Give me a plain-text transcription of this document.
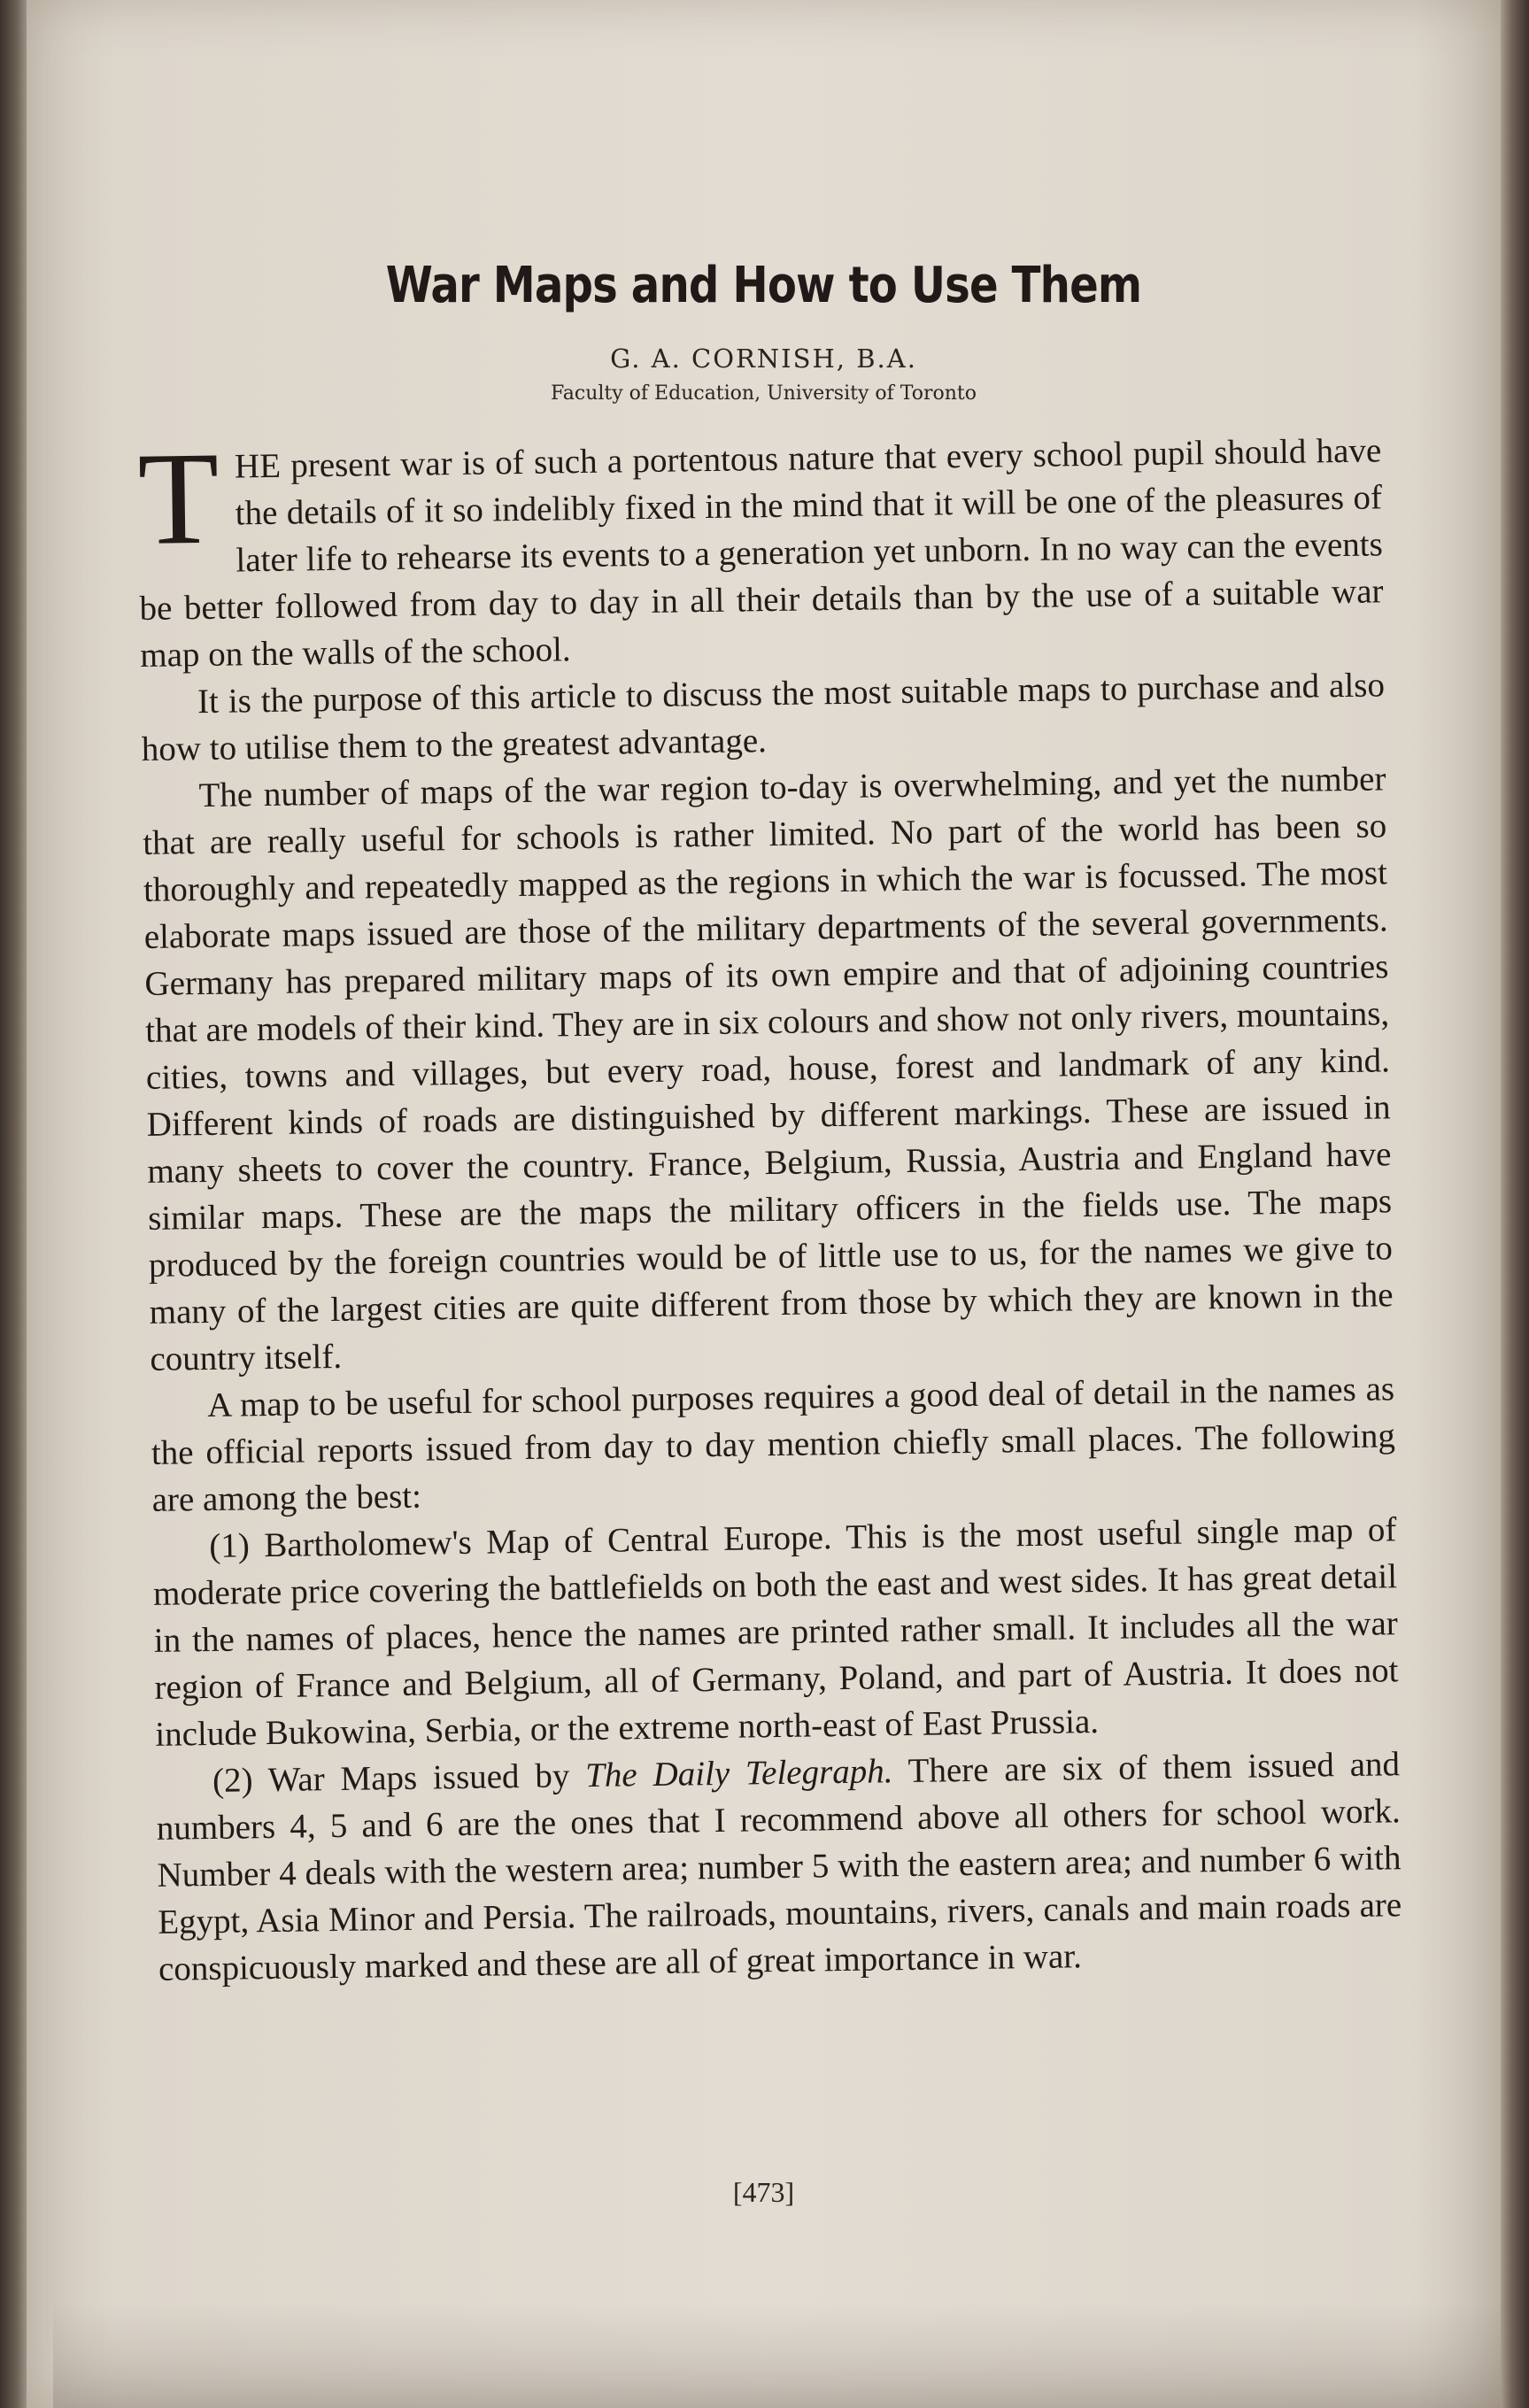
War Maps and How to Use Them
G. A. CORNISH, B.A.
Faculty of Education, University of Toronto

THE present war is of such a portentous nature that every school pupil should have the details of it so indelibly fixed in the mind that it will be one of the pleasures of later life to rehearse its events to a generation yet unborn. In no way can the events be better followed from day to day in all their details than by the use of a suitable war map on the walls of the school.

It is the purpose of this article to discuss the most suitable maps to purchase and also how to utilise them to the greatest advantage.

The number of maps of the war region to-day is overwhelming, and yet the number that are really useful for schools is rather limited. No part of the world has been so thoroughly and repeatedly mapped as the regions in which the war is focussed. The most elaborate maps issued are those of the military departments of the several governments. Germany has prepared military maps of its own empire and that of adjoining countries that are models of their kind. They are in six colours and show not only rivers, mountains, cities, towns and villages, but every road, house, forest and landmark of any kind. Different kinds of roads are distinguished by different markings. These are issued in many sheets to cover the country. France, Belgium, Russia, Austria and England have similar maps. These are the maps the military officers in the fields use. The maps produced by the foreign countries would be of little use to us, for the names we give to many of the largest cities are quite different from those by which they are known in the country itself.

A map to be useful for school purposes requires a good deal of detail in the names as the official reports issued from day to day mention chiefly small places. The following are among the best:

(1) Bartholomew's Map of Central Europe. This is the most useful single map of moderate price covering the battlefields on both the east and west sides. It has great detail in the names of places, hence the names are printed rather small. It includes all the war region of France and Belgium, all of Germany, Poland, and part of Austria. It does not include Bukowina, Serbia, or the extreme north-east of East Prussia.

(2) War Maps issued by The Daily Telegraph. There are six of them issued and numbers 4, 5 and 6 are the ones that I recommend above all others for school work. Number 4 deals with the western area; number 5 with the eastern area; and number 6 with Egypt, Asia Minor and Persia. The railroads, mountains, rivers, canals and main roads are conspicuously marked and these are all of great importance in war.

[473]
